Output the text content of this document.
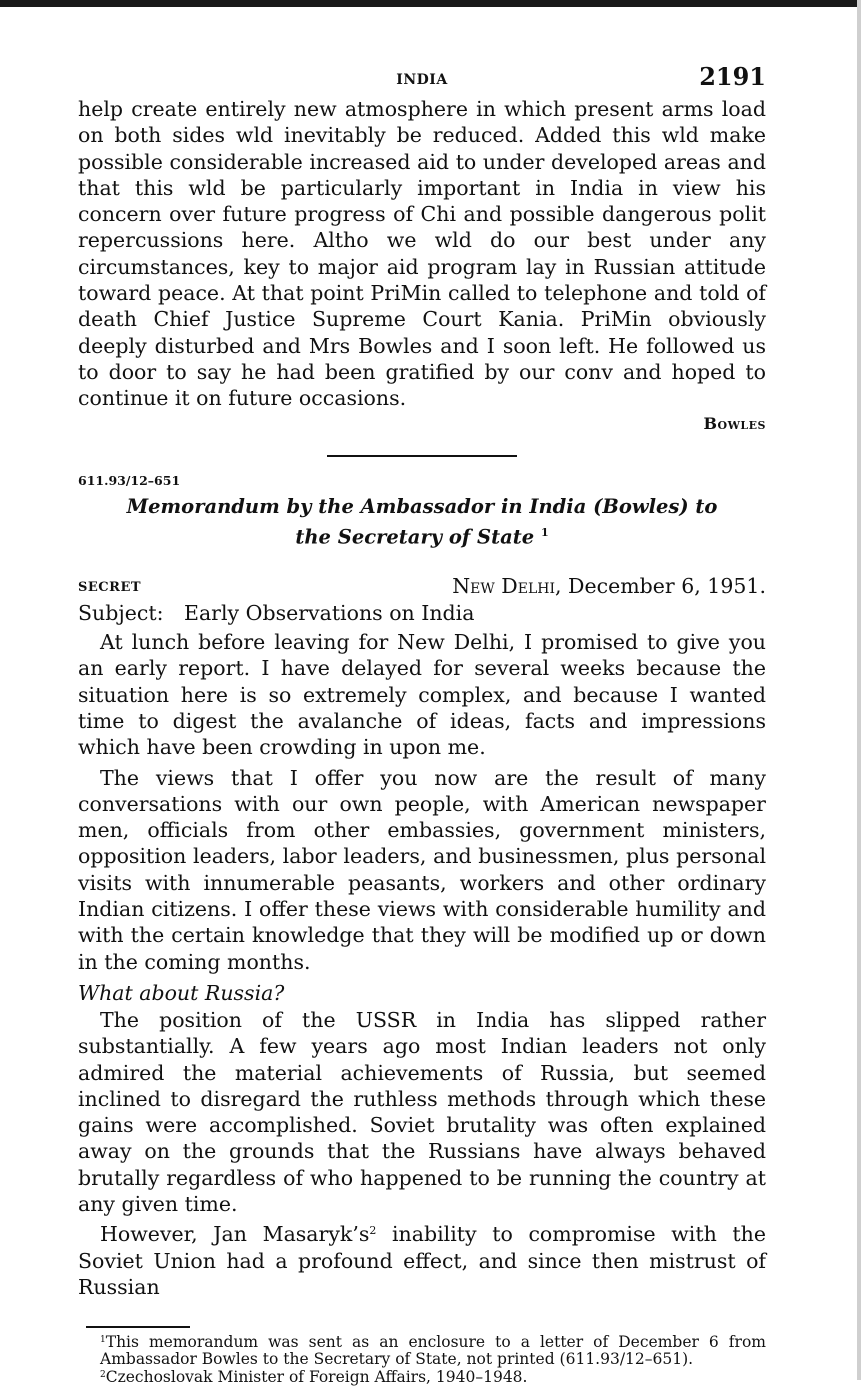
INDIA	2191

help create entirely new atmosphere in which present arms load on both sides wld inevitably be reduced. Added this wld make possible considerable increased aid to under developed areas and that this wld be particularly important in India in view his concern over future progress of Chi and possible dangerous polit repercussions here. Altho we wld do our best under any circumstances, key to major aid program lay in Russian attitude toward peace. At that point PriMin called to telephone and told of death Chief Justice Supreme Court Kania. PriMin obviously deeply disturbed and Mrs Bowles and I soon left. He followed us to door to say he had been gratified by our conv and hoped to continue it on future occasions.

Bowles
611.93/12–651
Memorandum by the Ambassador in India (Bowles) to the Secretary of State $^1$
SECRET	New Delhi, December 6, 1951.
Subject: Early Observations on India

At lunch before leaving for New Delhi, I promised to give you an early report. I have delayed for several weeks because the situation here is so extremely complex, and because I wanted time to digest the avalanche of ideas, facts and impressions which have been crowding in upon me.

The views that I offer you now are the result of many conversations with our own people, with American newspaper men, officials from other embassies, government ministers, opposition leaders, labor leaders, and businessmen, plus personal visits with innumerable peasants, workers and other ordinary Indian citizens. I offer these views with considerable humility and with the certain knowledge that they will be modified up or down in the coming months.

What about Russia?

The position of the USSR in India has slipped rather substantially. A few years ago most Indian leaders not only admired the material achievements of Russia, but seemed inclined to disregard the ruthless methods through which these gains were accomplished. Soviet brutality was often explained away on the grounds that the Russians have always behaved brutally regardless of who happened to be running the country at any given time.

However, Jan Masaryk’s$^2$ inability to compromise with the Soviet Union had a profound effect, and since then mistrust of Russian

$^1$This memorandum was sent as an enclosure to a letter of December 6 from Ambassador Bowles to the Secretary of State, not printed (611.93/12–651).
$^2$Czechoslovak Minister of Foreign Affairs, 1940–1948.
